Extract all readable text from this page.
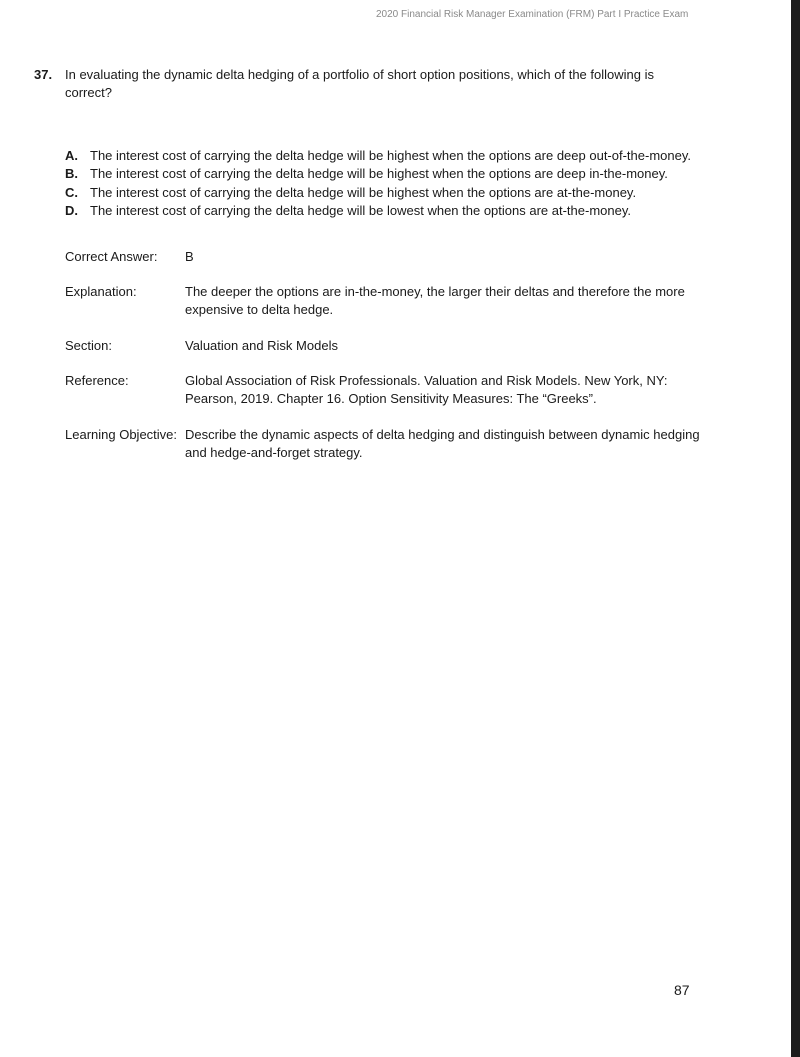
2020 Financial Risk Manager Examination (FRM) Part I Practice Exam
37. In evaluating the dynamic delta hedging of a portfolio of short option positions, which of the following is correct?
A. The interest cost of carrying the delta hedge will be highest when the options are deep out-of-the-money.
B. The interest cost of carrying the delta hedge will be highest when the options are deep in-the-money.
C. The interest cost of carrying the delta hedge will be highest when the options are at-the-money.
D. The interest cost of carrying the delta hedge will be lowest when the options are at-the-money.
Correct Answer: B
Explanation:	The deeper the options are in-the-money, the larger their deltas and therefore the more expensive to delta hedge.
Section:	Valuation and Risk Models
Reference:	Global Association of Risk Professionals. Valuation and Risk Models. New York, NY: Pearson, 2019. Chapter 16. Option Sensitivity Measures: The “Greeks”.
Learning Objective: Describe the dynamic aspects of delta hedging and distinguish between dynamic hedging and hedge-and-forget strategy.
87
